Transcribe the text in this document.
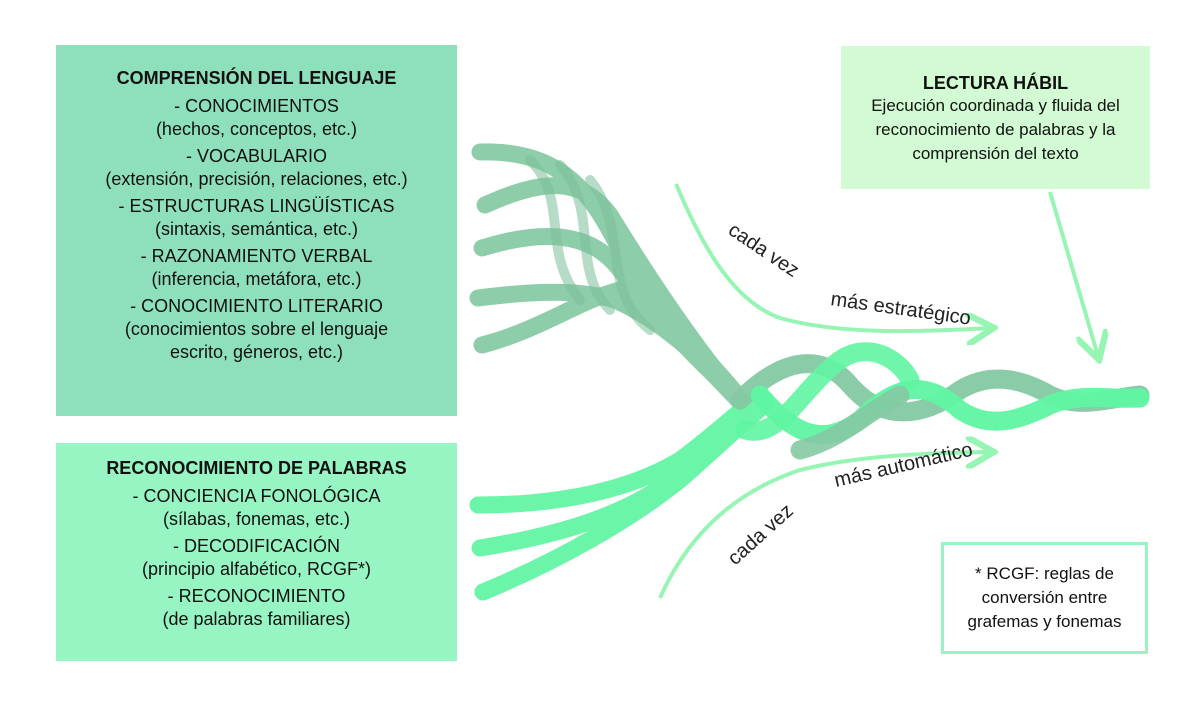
cada vez
más estratégico
cada vez
más automático
COMPRENSIÓN DEL LENGUAJE
- CONOCIMIENTOS
(hechos, conceptos, etc.)
- VOCABULARIO
(extensión, precisión, relaciones, etc.)
- ESTRUCTURAS LINGÜÍSTICAS
(sintaxis, semántica, etc.)
- RAZONAMIENTO VERBAL
(inferencia, metáfora, etc.)
- CONOCIMIENTO LITERARIO
(conocimientos sobre el lenguaje
escrito, géneros, etc.)
RECONOCIMIENTO DE PALABRAS
- CONCIENCIA FONOLÓGICA
(sílabas, fonemas, etc.)
- DECODIFICACIÓN
(principio alfabético, RCGF*)
- RECONOCIMIENTO
(de palabras familiares)
LECTURA HÁBIL
Ejecución coordinada y fluida del
reconocimiento de palabras y la
comprensión del texto
* RCGF: reglas de
conversión entre
grafemas y fonemas
